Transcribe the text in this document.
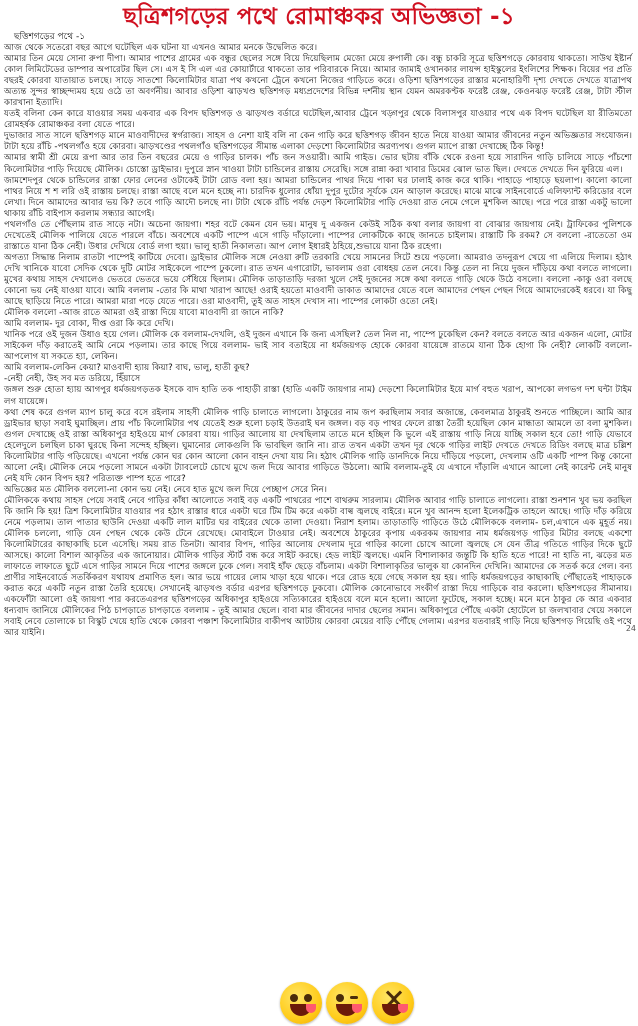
ছত্রিশগড়ের পথে রোমাঞ্চকর অভিজ্ঞতা -১
ছত্তিশগড়ের পথে -১

আজ থেকে সতেরো বছর আগে ঘটেছিল এক ঘটনা যা এখনও আমার মনকে উদ্বেলিত করে।

আমার তিন মেয়ে সোনা রুপা দীপা। আমার পাশের গ্রামের এক বন্ধুর ছেলের সঙ্গে বিয়ে দিয়েছিলাম মেজো মেয়ে রুপালী কে। বন্ধু চাকরি সূত্রে ছত্তিশগড়ে কোরবায় থাকতো। সাউথ ইষ্টার্ন কোল লিমিটেডের ডাম্পার অপারেটর ছিল সে। এস ই সি এল এর কোয়ার্টারে থাকতো তার পরিবারকে নিয়ে। আমার জামাই ওখানকার লায়ন্স হাইস্কুলের ইংলিশের শিক্ষক। বিয়ের পর প্রতি বছরই কোরবা যাতায়াত চলছে। সাড়ে সাতশো কিলোমিটার যাত্রা পথ কখনো ট্রেনে কখনো নিজের গাড়িতে করে। ওড়িশা ছত্তিশগড়ের রাস্তার মনোহারিণী দৃশ্য দেখতে দেখতে যাত্রাপথ অত্যন্ত সুন্দর স্বাচ্ছন্দ্যময় হয়ে ওঠে তা অবর্ণনীয়। আবার ওড়িশা ঝাড়খণ্ড ছত্তিশগড় মধ্যপ্রদেশের বিভিন্ন দর্শনীয় স্থান যেমন অমরকণ্টক ফরেষ্ট রেঞ্জ, কেওনঝড় ফরেষ্ট রেঞ্জ, টাটা স্টীল কারখানা ইত্যাদি।

যতই বলিনা কেন কারে যাওয়ার সময় একবার এক বিপদ ছত্তিশগড় ও ঝাড়খণ্ড বর্ডারে ঘটেছিল,আবার ট্রেনে খড়্গপুর থেকে বিলাসপুর যাওয়ার পথে এক বিপদ ঘটেছিল যা রীতিমতো রোমহর্ষক রোমাঞ্চকর বলা যেতে পারে।

দুভাজার সাত সালে ছত্তিশগড় মানে মাওবাদীদের স্বর্গরাজ্য। সাহস ও নেশা যাই বলি না কেন গাড়ি করে ছত্তিশগড় জীবন হাতে নিয়ে যাওয়া আমার জীবনের নতুন অভিজ্ঞতার সংযোজন। টাটা হয়ে রাঁচি -পথলগাঁও হয়ে কোরবা। ঝাড়খণ্ডের পথলগাঁও ছত্তিশগড়ের সীমান্ত এলাকা দেড়শো কিলোমিটার অরণ্যপথ। গুগল ম্যাপে রাস্তা দেখাচ্ছে ঠিক কিন্তু!

আমার স্বামী শ্রী মেয়ে রূপা আর তার তিন বছরের মেয়ে ও গাড়ির চালক। পাঁচ জন সওয়ারী। আমি গাইড। ভোর ছটায় বাঁকি থেকে রওনা হয়ে সারাদিন গাড়ি চালিয়ে সাড়ে পাঁচশো কিলোমিটার পাড়ি দিয়েছে মৌলিক। চোস্তো ড্রাইভার। দুপুরে স্নান খাওয়া টাটা চান্ডিলের রাস্তায় সেরেছি। সঙ্গে রান্না করা খাবার ডিমের ঝোল ভাত ছিল। দেখতে দেখতে দিন ফুরিয়ে এল।

জামশেদপুর থেকে চান্ডিলের রাস্তা ফোর লেনের ওটাকেই টাটা রোড বলা হয়। আমরা চান্ডিলের পাথর দিয়ে পাকা ঘর ঢালাই কাজ করে থাকি। পাহাড়ে পাহাড়ে ছয়লাপ। কালো কালো পাথর নিয়ে শ শ লরি ওই রাস্তায় চলছে। রাস্তা আছে বলে মনে হচ্ছে না। চারদিক ধুলোর ধোঁয়া দুপুর দুটোর সূর্যকে যেন আড়াল করেছে। মাঝে মাঝে সাইনবোর্ডে এলিফ্যান্ট করিডোর বলে লেখা। দিনে আমাদের আবার ভয় কি? তবে গাড়ি আদৌ চলছে না। টাটা থেকে রাঁচি পর্যন্ত দেড়শ কিলোমিটার পাড়ি দেওয়া রাত নেমে গেলে মুশকিল আছে। পরে পরে রাস্তা একটু ভালো থাকায় রাঁচি বাইপাস করলাম সন্ধ্যার আগেই।

পথলগাঁও তে পৌঁছলাম রাত সাড়ে নটা। অচেনা জায়গা। শহর বটে কেমন যেন ভয়। মানুষ দু একজন কেউই সঠিক কথা বলার জায়গা বা বোঝার জায়গায় নেই। ট্রাফিকের পুলিশকে দেখেতেই মৌলিক পালিয়ে যেতে পারলে বাঁচে। অবশেষে একটি পাম্পে এসে গাড়ি দাঁড়ালো। পাম্পের লোকটিকে কাছে জানতে চাইলাম। রাস্তাটি কি রকম? সে বললো -রাতেতো ওম রাস্তাতে যানা ঠিক নেহী। উধার দেখিয়ে বোর্ড লগা হুয়া। ভালু হাতী নিকালতা। আপ লোগ ইধারই ঠহিয়ে,শুভায়ে যানা ঠিক রহেগা।

অগত্যা সিদ্ধান্ত নিলাম রাতটা পাম্পেই কাটিয়ে দেবো। ড্রাইভার মৌলিক সঙ্গে নেওয়া রুটি তরকারি খেয়ে সামনের সিটে শুয়ে পড়লো। আমরাও তদনুরূপ খেয়ে গা এলিয়ে দিলাম। হঠাৎ দেখি খানিকে যাবো সেদিক থেকে দুটি মোটর সাইকেলে পাম্পে ঢুকলো। রাত তখন এগারোটা, ভাবলাম ওরা বোধহয় তেল নেবে। কিন্তু তেল না নিয়ে দুজন দাঁড়িয়ে কথা বলতে লাগলো। মুখের কথায় সাহস দেখালেও ভেতরে ভেতরে ভয়ে সেঁধিয়ে ছিলাম। মৌলিক তাড়াতাড়ি দরজা খুলে সেই দুজনের সঙ্গে কথা বলতে গাড়ি থেকে উঠে বসলো। বললো -কাকু ওরা বলছে কোনো ভয় নেই যাওয়া যাবে। আমি বললাম -তোর কি মাথা খারাপ আছে! ওরাই হয়তো মাওবাদী ডাকাত আমাদের যেতে বলে আমাদের পেছন পেছন গিয়ে আমাদেরকেই ধরবে। যা কিছু আছে ছাড়িয়ে নিতে পারে। আমরা মারা পড়ে যেতে পারে। ওরা মাওবাদী, তুই অত সাহস দেখাস না। পাম্পের লোকটা ওতো নেই।

মৌলিক বললো -আজ রাতে আমরা ওই রাস্তা দিয়ে যাবো মাওবাদী রা জানে নাকি?

আমি বললাম- দুর বোকা, দীপ্ত ওরা কি করে দেখি।

খানিক পরে ওই দুজন উধাও হয়ে গেল। মৌলিক কে বললাম-দেখলি, ওই দুজন এখানে কি জন্য এসছিল? তেল নিল না, পাম্পে ঢুকেছিল কেন? বলতে বলতে আর একজন এলো, মোটর সাইকেল দাঁড় করাতেই আমি নেমে পড়লাম। তার কাছে গিয়ে বললাম- ভাই সাব বতাইয়ে না ধর্মজয়গড় হোকে কোরবা যায়েঙ্গে রাতমে যানা ঠিক হোগা কি নেহী? লোকটি বললো-আপলোগ যা সকতে হ্যা, লেকিন।

আমি বললাম-লেকিন কেয়া? মাওবাদী হ্যায় কিয়া? বাঘ, ভালু, হাতী কুছ?

-নেহী নেহী, উহ সব মত ডরিয়ে, হিঁয়াসে

জঙ্গল শুরু হোতা হ্যায় আগপুর ধর্মজয়গড়তক ইসকে বাদ হাতি তক পাহাড়ী রাস্তা (হাতি একটি জায়গার নাম) দেড়শো কিলোমিটার ইয়ে মার্গ বহুত খরাপ, আপকো লগভগ দশ ঘন্টা টাইম লগ যায়েঙ্গে।

কথা শেষ করে গুগল ম্যাপ চালু করে বসে রইলাম সাহসী মৌলিক গাড়ি চালাতে লাগলো। ঠাকুরের নাম জপ করছিলাম সবার অজান্তে, কেবলমাত্র ঠাকুরই শুনতে পাচ্ছিলে। আমি আর ড্রাইভার ছাড়া সবাই ঘুমাচ্ছিল। প্রায় পাঁচ কিলোমিটার পথ যেতেই শুরু হলো চড়াই উতরাই ঘন জঙ্গল। বড় বড় পাথর ফেলে রাস্তা তৈরী হয়েছিল কোন মান্ধাতা আমলে তা বলা মুশকিল। গুগল দেখাচ্ছে ওই রাস্তা অধিকাপুর হাইওয়ে মার্গ কোরবা যায়। গাড়ির আলোয় যা দেখছিলাম তাতে মনে হচ্ছিল কি ভুলে এই রাস্তায় গাড়ি নিয়ে যাচ্ছি সকাল হবে তো! গাড়ি যেভাবে হেলেদুলে চলছিল চাকা ঘুরছে কিনা সন্দেহ হচ্ছিল। ঘুমানোর লোকগুলি কি ভাবছিল জানি না। রাত তখন একটা তখন দূর থেকে গাড়ির লাইট দেখতে দেখতে রিডিং বলছে মাত্র চল্লিশ কিলোমিটার গাড়ি গড়িয়েছে। এখনো পর্যন্ত কোন ঘর কোন আলো কোন বাহন দেখা যায় নি। হঠাৎ মৌলিক গাড়ি ডানদিকে নিয়ে দাঁড়িয়ে পড়লো, দেখলাম ওটি একটি পাম্প কিন্তু কোনো আলো নেই। মৌলিক নেমে পড়লো সামনে একটা ট্যাবলেটে চোখে মুখে জল দিয়ে আবার গাড়িতে উঠলো। আমি বললাম-তুই যে এখানে দাঁড়ালি এখানে আলো নেই কারেন্ট নেই মানুষ নেই যদি কোন বিপদ হয়? পরিত্যক্ত পাম্প হতে পারে?

অভিজ্ঞের মত মৌলিক বললো-না কোন ভয় নেই। নেবে হাত মুখে জল দিয়ে পেচ্ছাপ সেরে নিন।

মৌলিককে কথায় সাহস পেয়ে সবাই নেবে গাড়ির কাঁধা আলোতে সবাই বড় একটি পাথরের পাশে বাথরুম সারলাম। মৌলিক আবার গাড়ি চালাতে লাগলো। রাস্তা শুনশান খুব ভয় করছিল কি জানি কি হয়! ত্রিশ কিলোমিটার যাওয়ার পর হঠাৎ রাস্তার ধারে একটা ঘরে টিম টিম করে একটা বাল্ব জ্বলছে বাইরে। মনে খুব আনন্দ হলো ইলেকট্রিক তাহলে আছে। গাড়ি দাঁড় করিয়ে নেমে পড়লাম। তাল পাতার ছাউনি দেওয়া একটি লাল মাটির ঘর বাইরের থেকে তালা দেওয়া। নিরাশ হলাম। তাড়াতাড়ি গাড়িতে উঠে মৌলিককে বললাম- চল,এখানে এক মুহূর্ত নয়। মৌলিক চললো, গাড়ি যেন পেছন থেকে কেউ টেনে রেখেছে। মোবাইলে টাওয়ার নেই। অবশেষে ঠাকুরের কৃপায় একরকম জায়গার নাম ধর্মজয়গড় গাড়ির মিটার বলছে একশো কিলোমিটারের কাছাকাছি চলে এসেছি। সময় রাত তিনটা। আবার বিপদ, গাড়ির আলোয় দেখলাম দূরে গাড়ির কালো চোখে আলো জ্বলছে সে যেন তীব্র গতিতে গাড়ির দিকে ছুটে আসছে। কালো বিশাল আকৃতির এক জানোয়ার। মৌলিক গাড়ির স্টার্ট বন্ধ করে সাইট করছে। হেড লাইট জ্বলছে। এমনি বিশালাকার জন্তুটি কি হাতি হতে পারে! না হাতি না, ঝড়ের মত লাফাতে লাফাতে ছুটে এসে গাড়ির সামনে দিয়ে পাশের জঙ্গলে ঢুকে গেল। সবাই হাঁফ ছেড়ে বাঁচলাম। একটা বিশালাকৃতির ভালুক যা কোনদিন দেখিনি। আমাদের কে সতর্ক করে গেল। বন্য প্রাণীর সাইনবোর্ডে সতর্কিকরণ যথাযথ প্রমাণিত হল। আর ভয়ে গায়ের লোম খাড়া হয়ে থাকে। পরে রোড হয়ে গেছে সকাল হয় হয়। গাড়ি ধর্মজয়গড়ের কাছাকাছি পৌঁছাতেই পাহাড়কে করাত করে একটি নতুন রাস্তা তৈরি হয়েছে। সেখানেই ঝাড়খণ্ড বর্ডার এরপর ছত্তিশগড়ে ঢুকবো। মৌলিক কোনোভাবে সংকীর্ণ রাস্তা দিয়ে গাড়িকে বার করলো। ছত্তিশগড়ের সীমানায়। একফোঁটা আলো ওই জায়গা পার করতেএরপর ছত্তিশগড়ের অধিকাপুর হাইওয়ে সত্যিকারের হাইওয়ে বলে মনে হলো। আলো ফুটেছে, সকাল হচ্ছে। মনে মনে ঠাকুর কে আর একবার ধন্যবাদ জানিয়ে মৌলিকের পিঠ চাপড়াতে চাপড়াতে বললাম - তুই আমার ছেলে। বাবা মার জীবনের দাদার ছেলের সমান। অধিকাপুরে পৌঁছে একটা হোটেলে চা জলখাবার খেয়ে সকালে সবাই নেবে তোলাকে চা বিস্কুট খেয়ে হাতি থেকে কোরবা পঞ্চাশ কিলোমিটার বাকীপথ আটটায় কোরবা মেয়ের বাড়ি পৌঁছে গেলাম। এরপর যতবারই গাড়ি নিয়ে ছত্তিশগড় গিয়েছি ওই পথে আর যাইনি।	24
